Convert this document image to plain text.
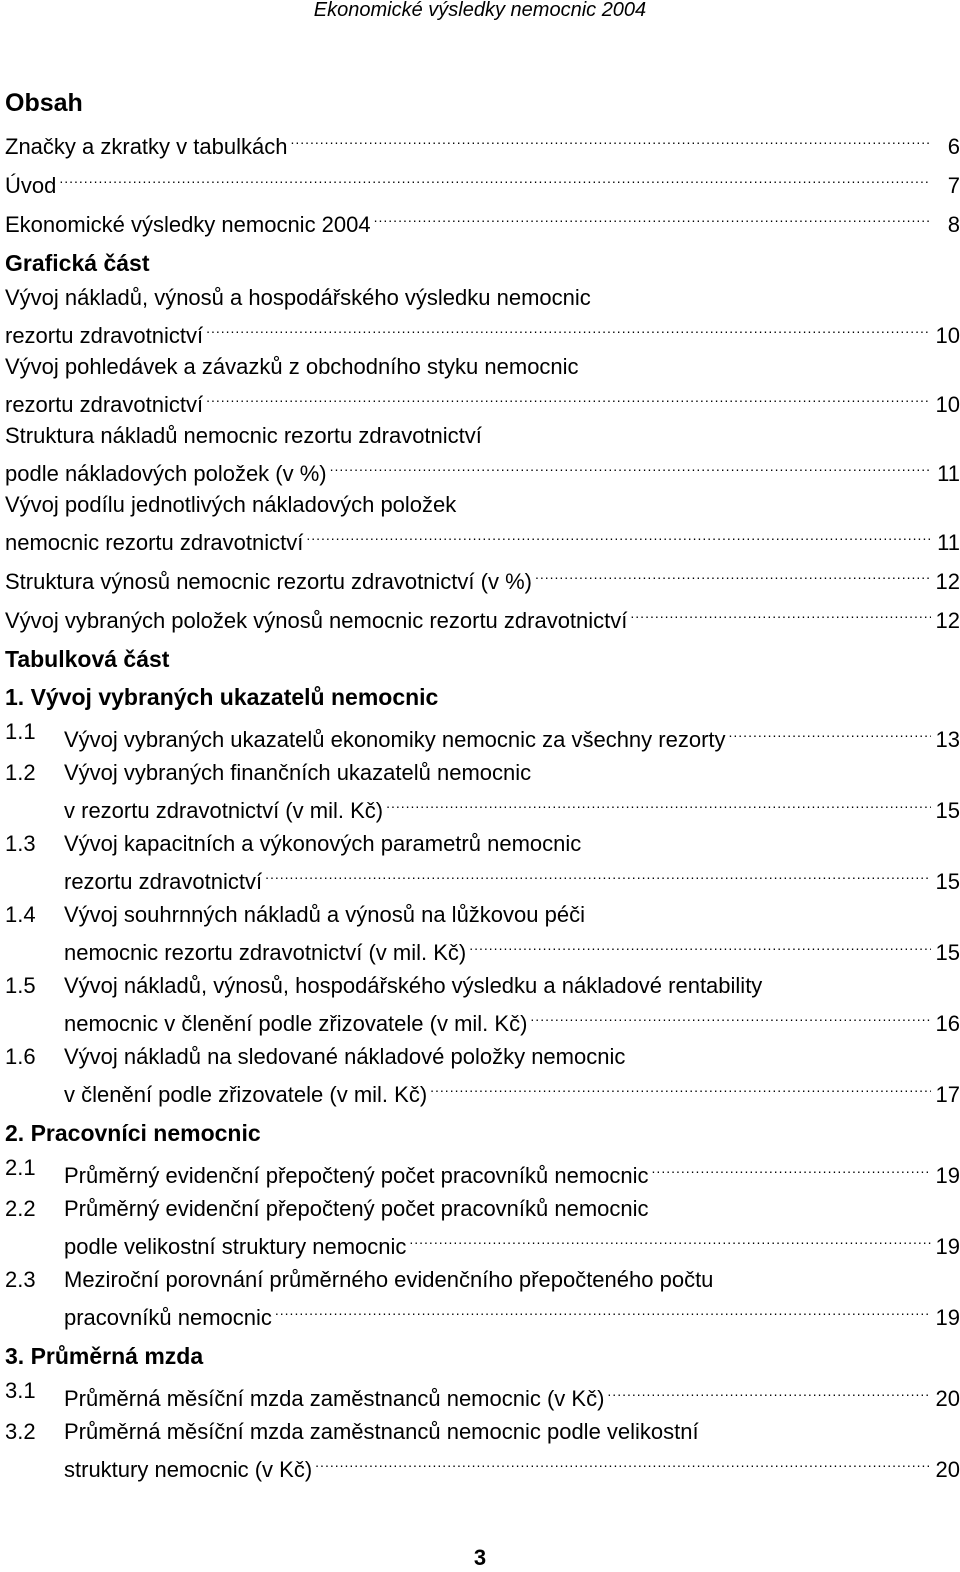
Ekonomické výsledky nemocnic 2004
Obsah
Značky a zkratky v tabulkách .....	6
Úvod .....	7
Ekonomické výsledky nemocnic 2004 .....	8
Grafická část
Vývoj nákladů, výnosů a hospodářského výsledku nemocnic
rezortu zdravotnictví .....	10
Vývoj pohledávek a závazků z obchodního styku nemocnic
rezortu zdravotnictví .....	10
Struktura nákladů nemocnic rezortu zdravotnictví
podle nákladových položek (v %) .....	11
Vývoj podílu jednotlivých nákladových položek
nemocnic rezortu zdravotnictví .....	11
Struktura výnosů nemocnic rezortu zdravotnictví (v %) .....	12
Vývoj vybraných položek výnosů nemocnic rezortu zdravotnictví .....	12
Tabulková část
1. Vývoj vybraných ukazatelů nemocnic
1.1	Vývoj vybraných ukazatelů ekonomiky nemocnic za všechny rezorty .....	13
1.2	Vývoj vybraných finančních ukazatelů nemocnic
v rezortu zdravotnictví (v mil. Kč) .....	15
1.3	Vývoj kapacitních a výkonových parametrů nemocnic
rezortu zdravotnictví .....	15
1.4	Vývoj souhrnných nákladů a výnosů na lůžkovou péči
nemocnic rezortu zdravotnictví (v mil. Kč) .....	15
1.5	Vývoj nákladů, výnosů, hospodářského výsledku a nákladové rentability
nemocnic v členění podle zřizovatele (v mil. Kč) .....	16
1.6	Vývoj nákladů na sledované nákladové položky nemocnic
v členění podle zřizovatele (v mil. Kč) .....	17
2. Pracovníci nemocnic
2.1	Průměrný evidenční přepočtený počet pracovníků nemocnic .....	19
2.2	Průměrný evidenční přepočtený počet pracovníků nemocnic
podle velikostní struktury nemocnic .....	19
2.3	Meziroční porovnání průměrného evidenčního přepočteného počtu
pracovníků nemocnic .....	19
3. Průměrná mzda
3.1	Průměrná měsíční mzda zaměstnanců nemocnic (v Kč) .....	20
3.2	Průměrná měsíční mzda zaměstnanců nemocnic podle velikostní
struktury nemocnic (v Kč) .....	20
3
